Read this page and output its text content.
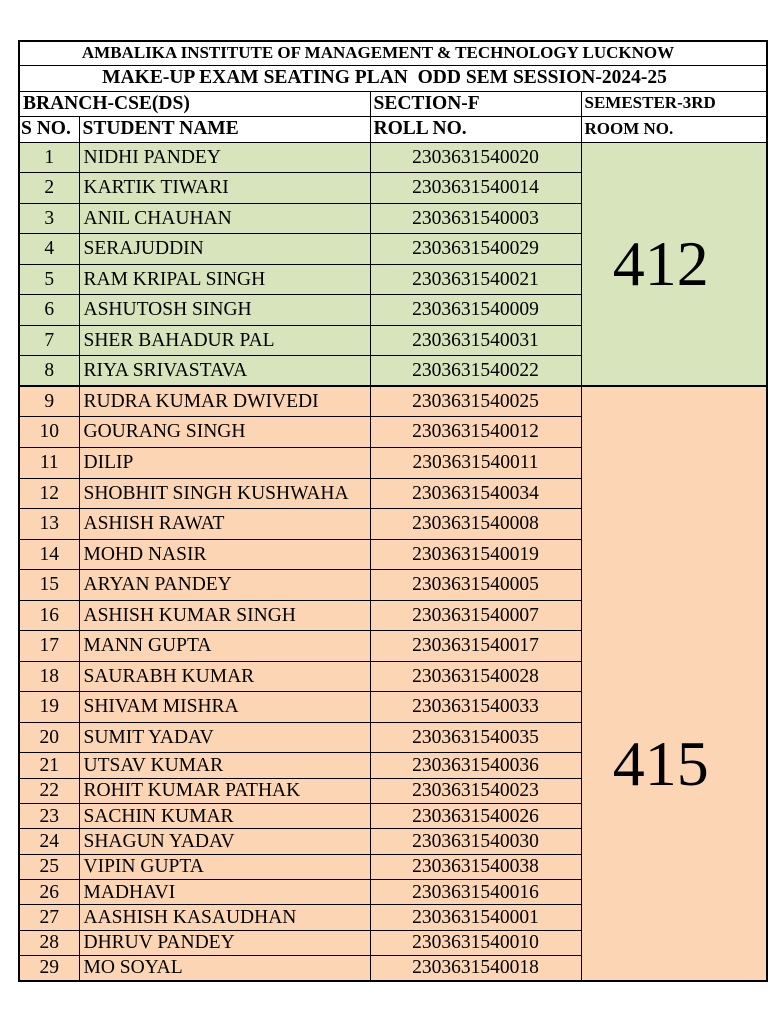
AMBALIKA INSTITUTE OF MANAGEMENT & TECHNOLOGY LUCKNOW			
MAKE-UP EXAM SEATING PLAN  ODD SEM SESSION-2024-25			
BRANCH-CSE(DS)		SECTION-F	SEMESTER-3RD
S NO.	STUDENT NAME	ROLL NO.	ROOM NO.
1	NIDHI PANDEY	2303631540020	412
2	KARTIK TIWARI	2303631540014	
3	ANIL CHAUHAN	2303631540003	
4	SERAJUDDIN	2303631540029	
5	RAM KRIPAL SINGH	2303631540021	
6	ASHUTOSH SINGH	2303631540009	
7	SHER BAHADUR PAL	2303631540031	
8	RIYA SRIVASTAVA	2303631540022	
9	RUDRA KUMAR DWIVEDI	2303631540025	415
10	GOURANG SINGH	2303631540012	
11	DILIP	2303631540011	
12	SHOBHIT SINGH KUSHWAHA	2303631540034	
13	ASHISH RAWAT	2303631540008	
14	MOHD NASIR	2303631540019	
15	ARYAN PANDEY	2303631540005	
16	ASHISH KUMAR SINGH	2303631540007	
17	MANN GUPTA	2303631540017	
18	SAURABH KUMAR	2303631540028	
19	SHIVAM MISHRA	2303631540033	
20	SUMIT YADAV	2303631540035	
21	UTSAV KUMAR	2303631540036	
22	ROHIT KUMAR PATHAK	2303631540023	
23	SACHIN KUMAR	2303631540026	
24	SHAGUN YADAV	2303631540030	
25	VIPIN GUPTA	2303631540038	
26	MADHAVI	2303631540016	
27	AASHISH KASAUDHAN	2303631540001	
28	DHRUV PANDEY	2303631540010	
29	MO SOYAL	2303631540018	
